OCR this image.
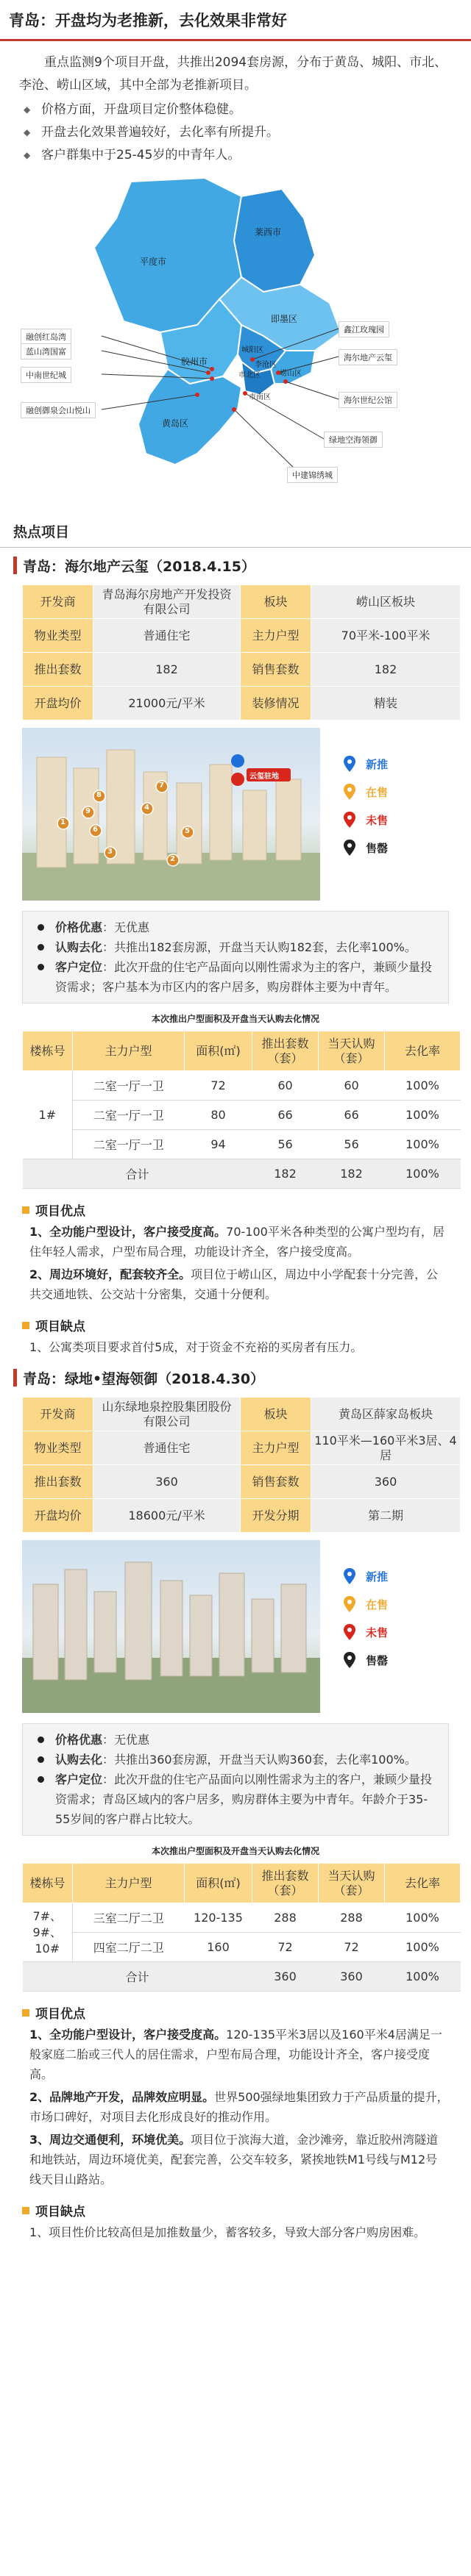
青岛：开盘均为老推新，去化效果非常好

重点监测9个项目开盘，共推出2094套房源，分布于黄岛、城阳、市北、李沧、崂山区域，其中全部为老推新项目。

◆ 价格方面，开盘项目定价整体稳健。
◆ 开盘去化效果普遍较好，去化率有所提升。
◆ 客户群集中于25-45岁的中青年人。
平度市
莱西市
即墨区
胶州市
城阳区
崂山区
市北区
市南区
黄岛区
李沧区
融创红岛湾
蓝山湾国富
中南世纪城
融创御泉会山悦山
鑫江玫瑰园
海尔地产云玺
海尔世纪公馆
绿地空海领御
中建锦绣城
热点项目
青岛：海尔地产云玺（2018.4.15）
开发商	青岛海尔房地产开发投资有限公司	板块	崂山区板块
物业类型	普通住宅	主力户型	70平米-100平米
推出套数	182	销售套数	182
开盘均价	21000元/平米	装修情况	精装
1
2
3
4
5
6
7
8
9
云玺驻地
新推
在售
未售
售罄
价格优惠：无优惠
认购去化：共推出182套房源，开盘当天认购182套，去化率100%。
客户定位：此次开盘的住宅产品面向以刚性需求为主的客户，兼顾少量投资需求；客户基本为市区内的客户居多，购房群体主要为中青年。
本次推出户型面积及开盘当天认购去化情况
楼栋号	主力户型	面积(㎡)	推出套数（套）	当天认购（套）	去化率
1#	二室一厅一卫	72	60	60	100%
	二室一厅一卫	80	66	66	100%
	二室一厅一卫	94	56	56	100%
合计			182	182	100%
项目优点

1、全功能户型设计，客户接受度高。70-100平米各种类型的公寓户型均有，居住年轻人需求，户型布局合理，功能设计齐全，客户接受度高。

2、周边环境好，配套较齐全。项目位于崂山区，周边中小学配套十分完善，公共交通地铁、公交站十分密集，交通十分便利。

项目缺点

1、公寓类项目要求首付5成，对于资金不充裕的买房者有压力。

青岛：绿地•望海领御（2018.4.30）
开发商	山东绿地泉控股集团股份有限公司	板块	黄岛区薛家岛板块
物业类型	普通住宅	主力户型	110平米—160平米3居、4居
推出套数	360	销售套数	360
开盘均价	18600元/平米	开发分期	第二期
新推
在售
未售
售罄
价格优惠：无优惠
认购去化：共推出360套房源，开盘当天认购360套，去化率100%。
客户定位：此次开盘的住宅产品面向以刚性需求为主的客户，兼顾少量投资需求；青岛区域内的客户居多，购房群体主要为中青年。年龄介于35-55岁间的客户群占比较大。
本次推出户型面积及开盘当天认购去化情况
楼栋号	主力户型	面积(㎡)	推出套数（套）	当天认购（套）	去化率
7#、9#、10#	三室二厅二卫	120-135	288	288	100%
	四室二厅二卫	160	72	72	100%
合计			360	360	100%
项目优点

1、全功能户型设计，客户接受度高。120-135平米3居以及160平米4居满足一般家庭二胎或三代人的居住需求，户型布局合理，功能设计齐全，客户接受度高。

2、品牌地产开发，品牌效应明显。世界500强绿地集团致力于产品质量的提升，市场口碑好，对项目去化形成良好的推动作用。

3、周边交通便利，环境优美。项目位于滨海大道，金沙滩旁，靠近胶州湾隧道和地铁站，周边环境优美，配套完善，公交车较多，紧挨地铁M1号线与M12号线天目山路站。

项目缺点

1、项目性价比较高但是加推数量少，蓄客较多，导致大部分客户购房困难。
